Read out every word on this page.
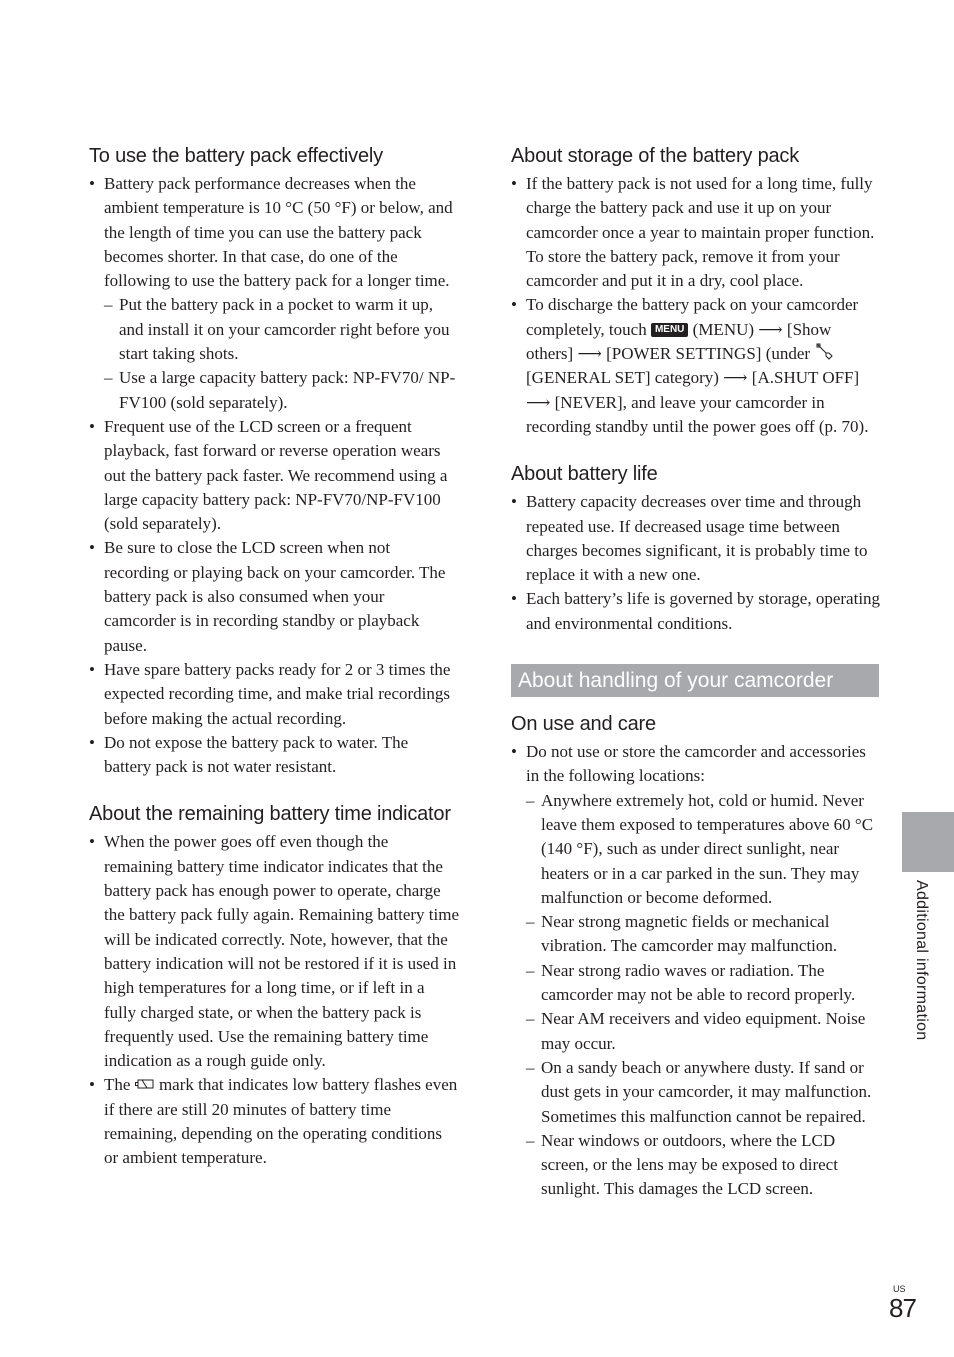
To use the battery pack effectively
• Battery pack performance decreases when the ambient temperature is 10 °C (50 °F) or below, and the length of time you can use the battery pack becomes shorter. In that case, do one of the following to use the battery pack for a longer time.
– Put the battery pack in a pocket to warm it up, and install it on your camcorder right before you start taking shots.
– Use a large capacity battery pack: NP-FV70/ NP-FV100 (sold separately).
• Frequent use of the LCD screen or a frequent playback, fast forward or reverse operation wears out the battery pack faster. We recommend using a large capacity battery pack: NP-FV70/NP-FV100 (sold separately).
• Be sure to close the LCD screen when not recording or playing back on your camcorder. The battery pack is also consumed when your camcorder is in recording standby or playback pause.
• Have spare battery packs ready for 2 or 3 times the expected recording time, and make trial recordings before making the actual recording.
• Do not expose the battery pack to water. The battery pack is not water resistant.
About the remaining battery time indicator
• When the power goes off even though the remaining battery time indicator indicates that the battery pack has enough power to operate, charge the battery pack fully again. Remaining battery time will be indicated correctly. Note, however, that the battery indication will not be restored if it is used in high temperatures for a long time, or if left in a fully charged state, or when the battery pack is frequently used. Use the remaining battery time indication as a rough guide only.
• The mark that indicates low battery flashes even if there are still 20 minutes of battery time remaining, depending on the operating conditions or ambient temperature.
About storage of the battery pack
• If the battery pack is not used for a long time, fully charge the battery pack and use it up on your camcorder once a year to maintain proper function. To store the battery pack, remove it from your camcorder and put it in a dry, cool place.
• To discharge the battery pack on your camcorder completely, touch MENU (MENU) ⟶ [Show others] ⟶ [POWER SETTINGS] (under  [GENERAL SET] category) ⟶ [A.SHUT OFF] ⟶ [NEVER], and leave your camcorder in recording standby until the power goes off (p. 70).
About battery life
• Battery capacity decreases over time and through repeated use. If decreased usage time between charges becomes significant, it is probably time to replace it with a new one.
• Each battery’s life is governed by storage, operating and environmental conditions.
About handling of your camcorder
On use and care
• Do not use or store the camcorder and accessories in the following locations:
– Anywhere extremely hot, cold or humid. Never leave them exposed to temperatures above 60 °C (140 °F), such as under direct sunlight, near heaters or in a car parked in the sun. They may malfunction or become deformed.
– Near strong magnetic fields or mechanical vibration. The camcorder may malfunction.
– Near strong radio waves or radiation. The camcorder may not be able to record properly.
– Near AM receivers and video equipment. Noise may occur.
– On a sandy beach or anywhere dusty. If sand or dust gets in your camcorder, it may malfunction. Sometimes this malfunction cannot be repaired.
– Near windows or outdoors, where the LCD screen, or the lens may be exposed to direct sunlight. This damages the LCD screen.
Additional information
US
87
